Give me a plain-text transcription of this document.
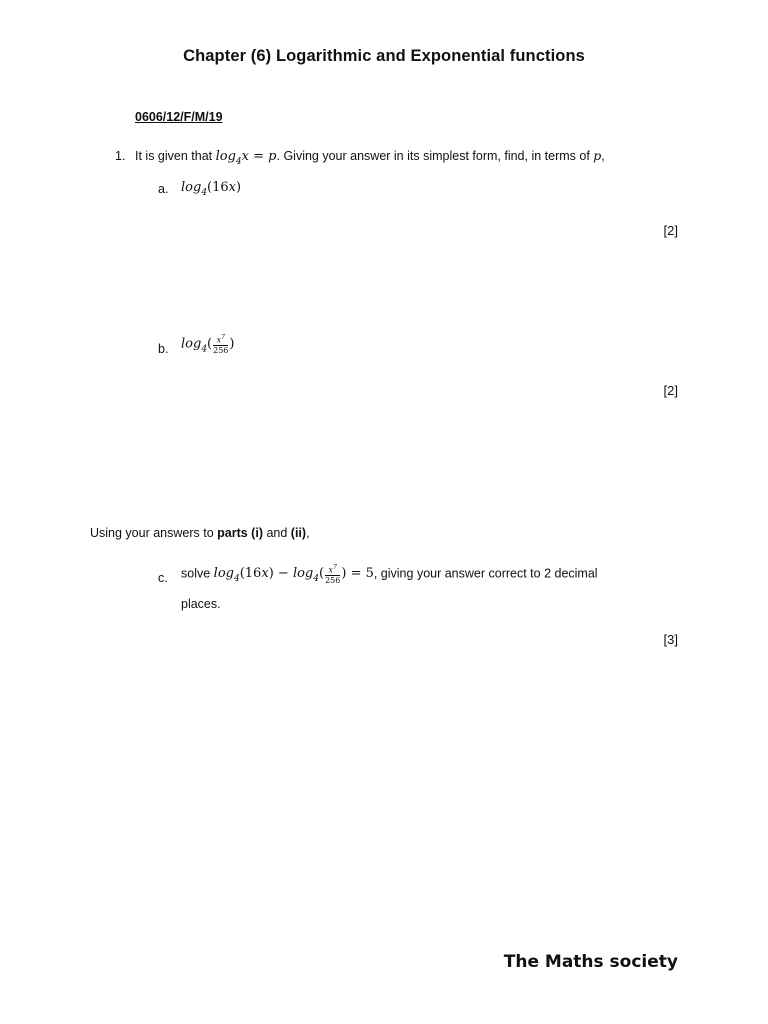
Chapter (6) Logarithmic and Exponential functions
0606/12/F/M/19
1. It is given that $\log_4x = p$. Giving your answer in its simplest form, find, in terms of p,
a. $\log_4(16x)$
[2]
b. $\log_4( \frac{x^7}{256}$ )
[2]
Using your answers to parts (i) and (ii),
c. solve $\log_4(16x) - \log_4( \frac{x^7}{256}$ ) = 5, giving your answer correct to 2 decimal
places.
[3]
The Maths society
